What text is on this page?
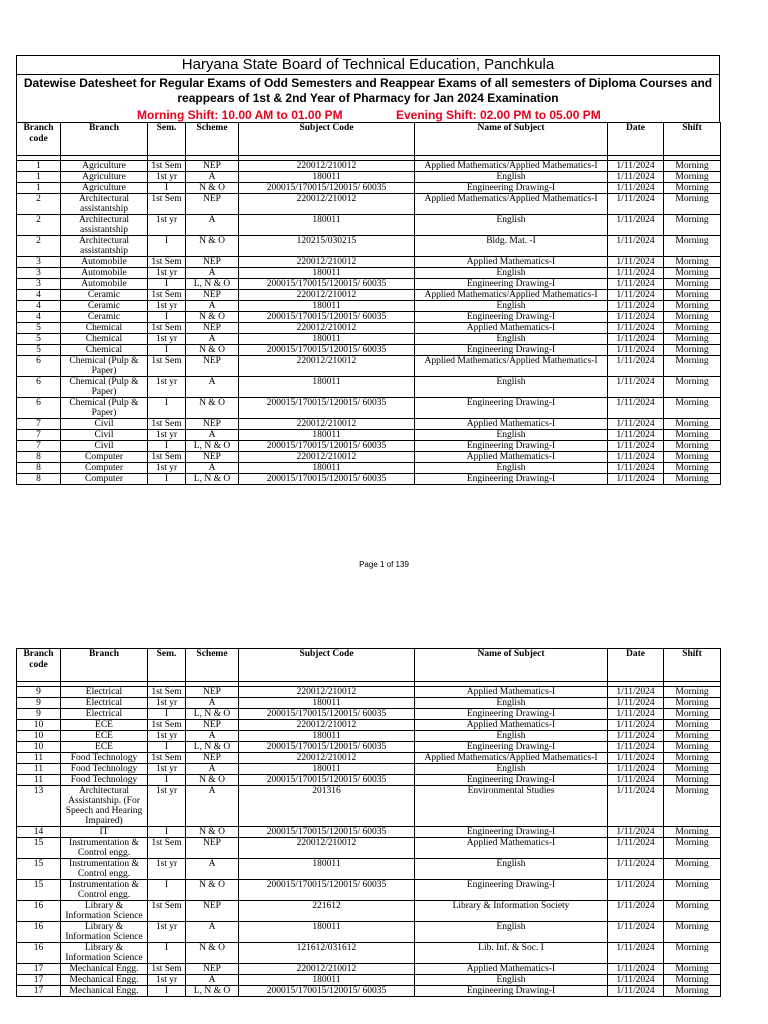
Haryana State Board of Technical Education, Panchkula
Datewise Datesheet for Regular Exams of Odd Semesters and Reappear Exams of all semesters of Diploma Courses and reappears of 1st & 2nd Year of Pharmacy for Jan 2024 Examination
Morning Shift: 10.00 AM to 01.00 PM	Evening Shift: 02.00 PM to 05.00 PM
Branch code	Branch	Sem.	Scheme	Subject Code	Name of Subject	Date	Shift

1	Agriculture	1st Sem	NEP	220012/210012	Applied Mathematics/Applied Mathematics-I	1/11/2024	Morning
1	Agriculture	1st yr	A	180011	English	1/11/2024	Morning
1	Agriculture	I	N & O	200015/170015/120015/ 60035	Engineering Drawing-I	1/11/2024	Morning
2	Architectural assistantship	1st Sem	NEP	220012/210012	Applied Mathematics/Applied Mathematics-I	1/11/2024	Morning
2	Architectural assistantship	1st yr	A	180011	English	1/11/2024	Morning
2	Architectural assistantship	I	N & O	120215/030215	Bldg. Mat. -I	1/11/2024	Morning
3	Automobile	1st Sem	NEP	220012/210012	Applied Mathematics-I	1/11/2024	Morning
3	Automobile	1st yr	A	180011	English	1/11/2024	Morning
3	Automobile	I	L, N & O	200015/170015/120015/ 60035	Engineering Drawing-I	1/11/2024	Morning
4	Ceramic	1st Sem	NEP	220012/210012	Applied Mathematics/Applied Mathematics-I	1/11/2024	Morning
4	Ceramic	1st yr	A	180011	English	1/11/2024	Morning
4	Ceramic	I	N & O	200015/170015/120015/ 60035	Engineering Drawing-I	1/11/2024	Morning
5	Chemical	1st Sem	NEP	220012/210012	Applied Mathematics-I	1/11/2024	Morning
5	Chemical	1st yr	A	180011	English	1/11/2024	Morning
5	Chemical	I	N & O	200015/170015/120015/ 60035	Engineering Drawing-I	1/11/2024	Morning
6	Chemical (Pulp & Paper)	1st Sem	NEP	220012/210012	Applied Mathematics/Applied Mathematics-I	1/11/2024	Morning
6	Chemical (Pulp & Paper)	1st yr	A	180011	English	1/11/2024	Morning
6	Chemical (Pulp & Paper)	I	N & O	200015/170015/120015/ 60035	Engineering Drawing-I	1/11/2024	Morning
7	Civil	1st Sem	NEP	220012/210012	Applied Mathematics-I	1/11/2024	Morning
7	Civil	1st yr	A	180011	English	1/11/2024	Morning
7	Civil	I	L, N & O	200015/170015/120015/ 60035	Engineering Drawing-I	1/11/2024	Morning
8	Computer	1st Sem	NEP	220012/210012	Applied Mathematics-I	1/11/2024	Morning
8	Computer	1st yr	A	180011	English	1/11/2024	Morning
8	Computer	I	L, N & O	200015/170015/120015/ 60035	Engineering Drawing-I	1/11/2024	Morning
Page 1 of 139
Branch code	Branch	Sem.	Scheme	Subject Code	Name of Subject	Date	Shift

9	Electrical	1st Sem	NEP	220012/210012	Applied Mathematics-I	1/11/2024	Morning
9	Electrical	1st yr	A	180011	English	1/11/2024	Morning
9	Electrical	I	L, N & O	200015/170015/120015/ 60035	Engineering Drawing-I	1/11/2024	Morning
10	ECE	1st Sem	NEP	220012/210012	Applied Mathematics-I	1/11/2024	Morning
10	ECE	1st yr	A	180011	English	1/11/2024	Morning
10	ECE	I	L, N & O	200015/170015/120015/ 60035	Engineering Drawing-I	1/11/2024	Morning
11	Food Technology	1st Sem	NEP	220012/210012	Applied Mathematics/Applied Mathematics-I	1/11/2024	Morning
11	Food Technology	1st yr	A	180011	English	1/11/2024	Morning
11	Food Technology	I	N & O	200015/170015/120015/ 60035	Engineering Drawing-I	1/11/2024	Morning
13	Architectural Assistantship. (For Speech and Hearing Impaired)	1st yr	A	201316	Environmental Studies	1/11/2024	Morning
14	IT	I	N & O	200015/170015/120015/ 60035	Engineering Drawing-I	1/11/2024	Morning
15	Instrumentation & Control engg.	1st Sem	NEP	220012/210012	Applied Mathematics-I	1/11/2024	Morning
15	Instrumentation & Control engg.	1st yr	A	180011	English	1/11/2024	Morning
15	Instrumentation & Control engg.	I	N & O	200015/170015/120015/ 60035	Engineering Drawing-I	1/11/2024	Morning
16	Library & Information Science	1st Sem	NEP	221612	Library & Information Society	1/11/2024	Morning
16	Library & Information Science	1st yr	A	180011	English	1/11/2024	Morning
16	Library & Information Science	I	N & O	121612/031612	Lib. Inf. & Soc. I	1/11/2024	Morning
17	Mechanical Engg.	1st Sem	NEP	220012/210012	Applied Mathematics-I	1/11/2024	Morning
17	Mechanical Engg.	1st yr	A	180011	English	1/11/2024	Morning
17	Mechanical Engg.	I	L, N & O	200015/170015/120015/ 60035	Engineering Drawing-I	1/11/2024	Morning
